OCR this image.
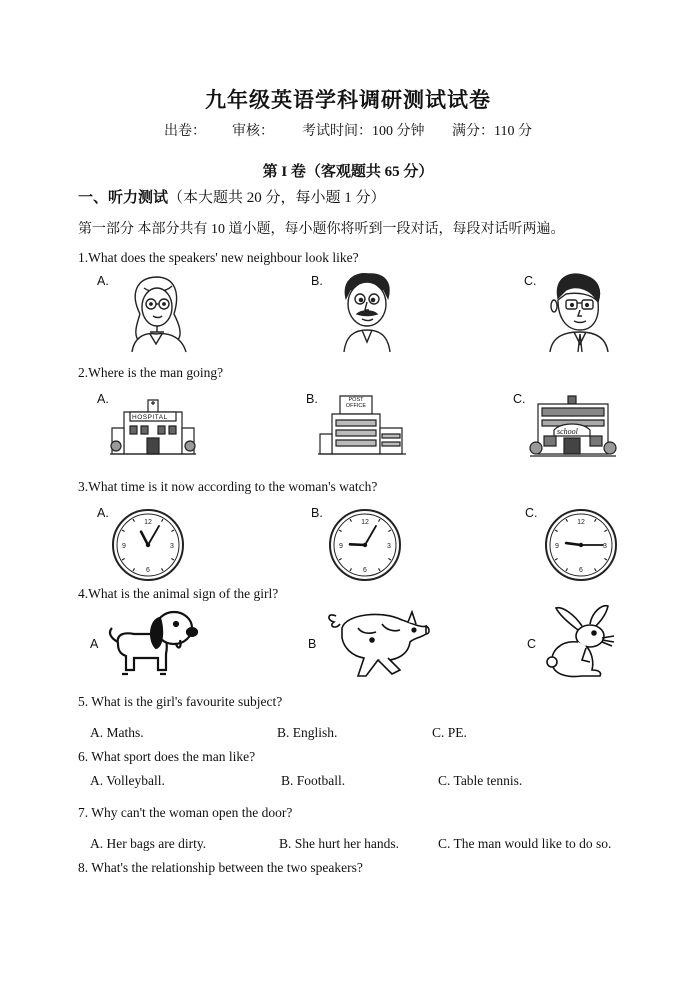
九年级英语学科调研测试试卷
出卷： 审核： 考试时间：100 分钟 满分：110 分
第 I 卷（客观题共 65 分）
一、听力测试（本大题共 20 分，每小题 1 分）
第一部分 本部分共有 10 道小题，每小题你将听到一段对话，每段对话听两遍。
1.What does the speakers' new neighbour look like?
A.	B.	C.
2.Where is the man going?
A.	B.	C.
HOSPITAL
POST OFFICE
school
3.What time is it now according to the woman's watch?
A.	B.	C.
3
6
9
12
3
6
9
12
3
6
9
12
4.What is the animal sign of the girl?
A	B	C
5. What is the girl's favourite subject?
A. Maths.	B. English.	C. PE.
6. What sport does the man like?
A. Volleyball.	B. Football.	C. Table tennis.
7. Why can't the woman open the door?
A. Her bags are dirty.	B. She hurt her hands.	C. The man would like to do so.
8. What's the relationship between the two speakers?
